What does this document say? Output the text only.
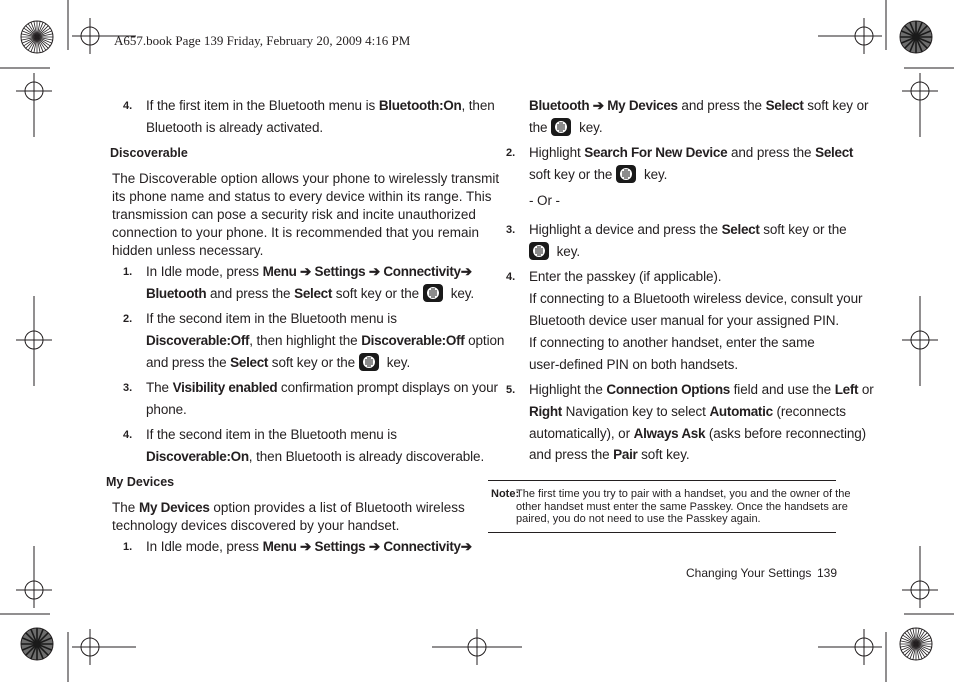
A657.book Page 139 Friday, February 20, 2009 4:16 PM
4. If the first item in the Bluetooth menu is Bluetooth:On, then
Bluetooth is already activated.
Discoverable
The Discoverable option allows your phone to wirelessly transmit
its phone name and status to every device within its range. This
transmission can pose a security risk and incite unauthorized
connection to your phone. It is recommended that you remain
hidden unless necessary.
1. In Idle mode, press Menu ➔ Settings ➔ Connectivity➔
Bluetooth and press the Select soft key or the
key.
2. If the second item in the Bluetooth menu is
Discoverable:Off, then highlight the Discoverable:Off option
and press the Select soft key or the
key.
3. The Visibility enabled confirmation prompt displays on your
phone.
4. If the second item in the Bluetooth menu is
Discoverable:On, then Bluetooth is already discoverable.
My Devices
The My Devices option provides a list of Bluetooth wireless
technology devices discovered by your handset.
1. In Idle mode, press Menu ➔ Settings ➔ Connectivity➔
Bluetooth ➔ My Devices and press the Select soft key or
the
key.
2. Highlight Search For New Device and press the Select
soft key or the
key.
- Or -
3. Highlight a device and press the Select soft key or the
key.
4. Enter the passkey (if applicable).
If connecting to a Bluetooth wireless device, consult your
Bluetooth device user manual for your assigned PIN.
If connecting to another handset, enter the same
user-defined PIN on both handsets.
5. Highlight the Connection Options field and use the Left or
Right Navigation key to select Automatic (reconnects
automatically), or Always Ask (asks before reconnecting)
and press the Pair soft key.
Note:
The first time you try to pair with a handset, you and the owner of the
other handset must enter the same Passkey. Once the handsets are
paired, you do not need to use the Passkey again.
Changing Your Settings 139
